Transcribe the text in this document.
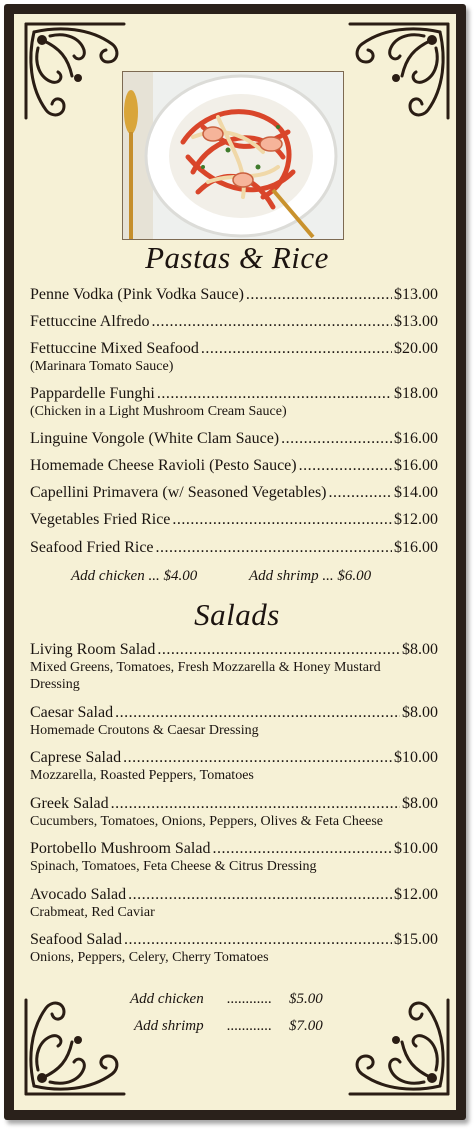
Pastas & Rice
Penne Vodka (Pink Vodka Sauce) .....	$13.00
Fettuccine Alfredo .....	$13.00
Fettuccine Mixed Seafood .....	$20.00
(Marinara Tomato Sauce)
Pappardelle Funghi .....	$18.00
(Chicken in a Light Mushroom Cream Sauce)
Linguine Vongole (White Clam Sauce) .....	$16.00
Homemade Cheese Ravioli (Pesto Sauce) .....	$16.00
Capellini Primavera (w/ Seasoned Vegetables) .....	$14.00
Vegetables Fried Rice .....	$12.00
Seafood Fried Rice .....	$16.00
Add chicken ... $4.00	Add shrimp ... $6.00
Salads
Living Room Salad .....	$8.00
Mixed Greens, Tomatoes, Fresh Mozzarella & Honey Mustard Dressing
Caesar Salad .....	$8.00
Homemade Croutons & Caesar Dressing
Caprese Salad .....	$10.00
Mozzarella, Roasted Peppers, Tomatoes
Greek Salad .....	$8.00
Cucumbers, Tomatoes, Onions, Peppers, Olives & Feta Cheese
Portobello Mushroom Salad .....	$10.00
Spinach, Tomatoes, Feta Cheese & Citrus Dressing
Avocado Salad .....	$12.00
Crabmeat, Red Caviar
Seafood Salad .....	$15.00
Onions, Peppers, Celery, Cherry Tomatoes
Add chicken ............ $5.00
Add shrimp ............ $7.00
